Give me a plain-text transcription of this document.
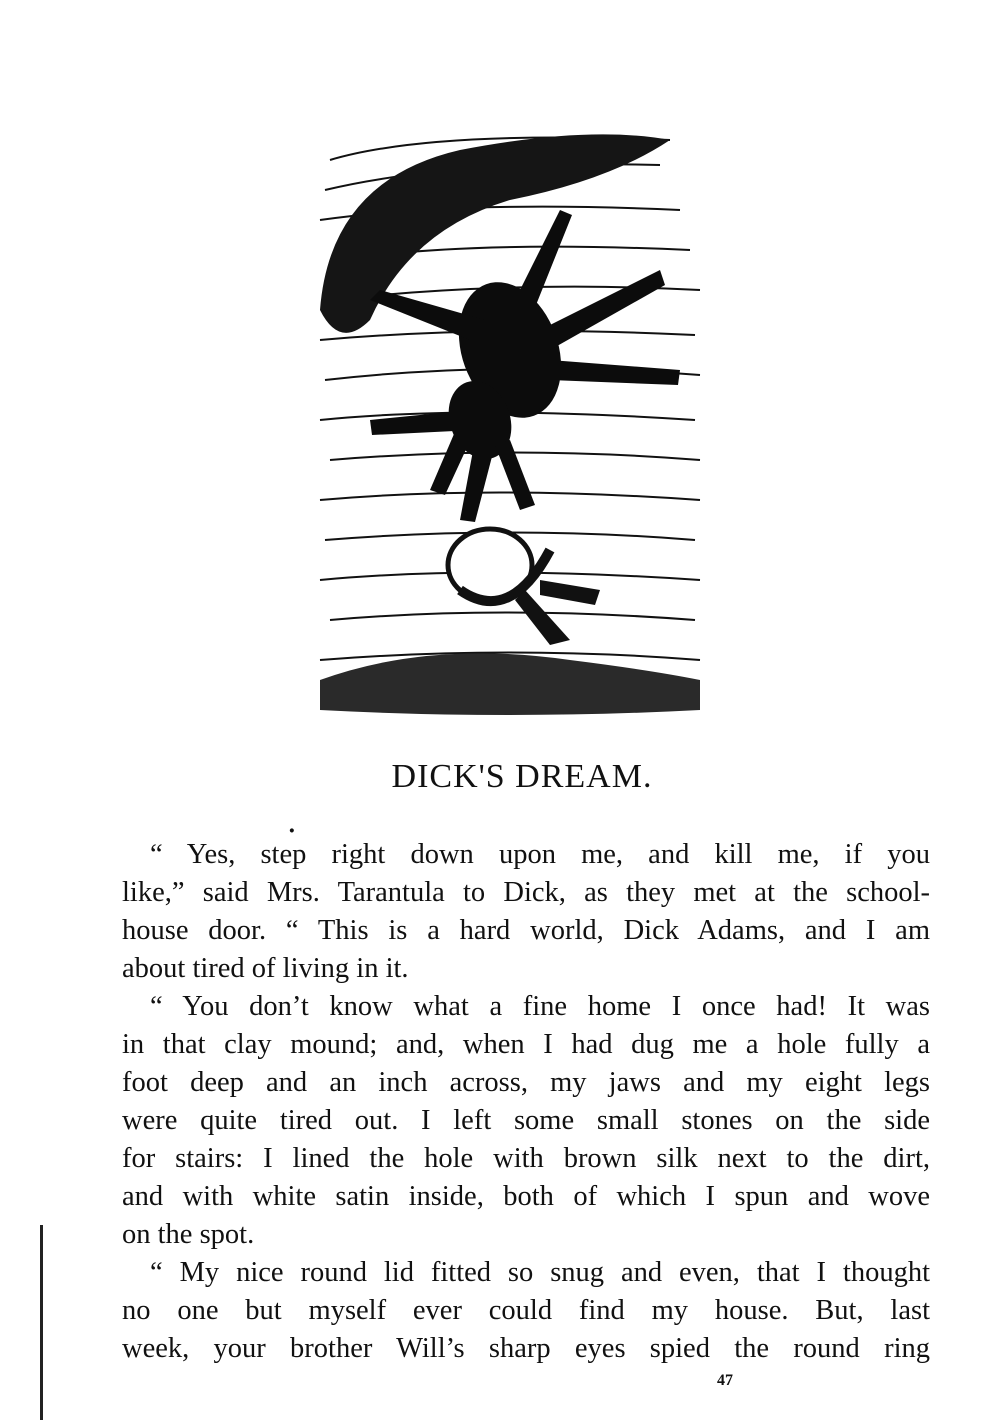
DICK'S DREAM.
·

“ Yes, step right down upon me, and kill me, if you
like,” said Mrs. Tarantula to Dick, as they met at the school-
house door. “ This is a hard world, Dick Adams, and I am
about tired of living in it.

“ You don’t know what a fine home I once had! It was
in that clay mound; and, when I had dug me a hole fully a
foot deep and an inch across, my jaws and my eight legs
were quite tired out. I left some small stones on the side
for stairs: I lined the hole with brown silk next to the dirt,
and with white satin inside, both of which I spun and wove
on the spot.

“ My nice round lid fitted so snug and even, that I thought
no one but myself ever could find my house. But, last
week, your brother Will’s sharp eyes spied the round ring

47
